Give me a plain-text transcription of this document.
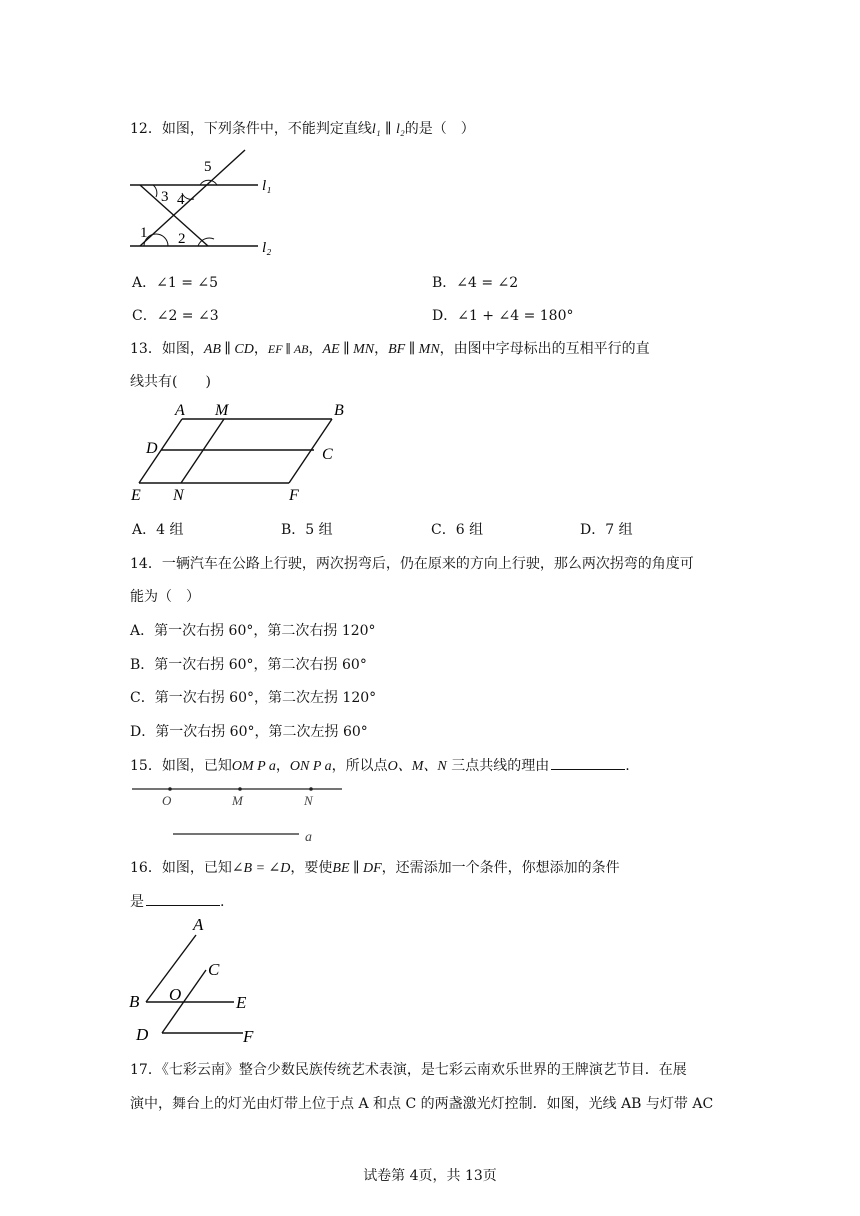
12．如图，下列条件中，不能判定直线l₁ ∥ l₂的是（　）
5
3 4
1 2
l₁
l₂
A．∠1 = ∠5	B．∠4 = ∠2
C．∠2 = ∠3	D．∠1 + ∠4 = 180°
13．如图，AB ∥ CD，EF ∥ AB，AE ∥ MN，BF ∥ MN，由图中字母标出的互相平行的直
线共有(　　)
A M	B
D	C
E N	F
A．4 组	B．5 组	C．6 组	D．7 组
14．一辆汽车在公路上行驶，两次拐弯后，仍在原来的方向上行驶，那么两次拐弯的角度可
能为（　）
A．第一次右拐 60°，第二次右拐 120°
B．第一次右拐 60°，第二次右拐 60°
C．第一次右拐 60°，第二次左拐 120°
D．第一次右拐 60°，第二次左拐 60°
15．如图，已知OM P a，ON P a，所以点O、M、N 三点共线的理由	.
O	M	N
a
16．如图，已知∠B = ∠D，要使BE ∥ DF，还需添加一个条件，你想添加的条件
是	.
A
C
B O	E
D	F
17．《七彩云南》整合少数民族传统艺术表演，是七彩云南欢乐世界的王牌演艺节目．在展
演中，舞台上的灯光由灯带上位于点 A 和点 C 的两盏激光灯控制．如图，光线 AB 与灯带 AC
试卷第 4页，共 13页
